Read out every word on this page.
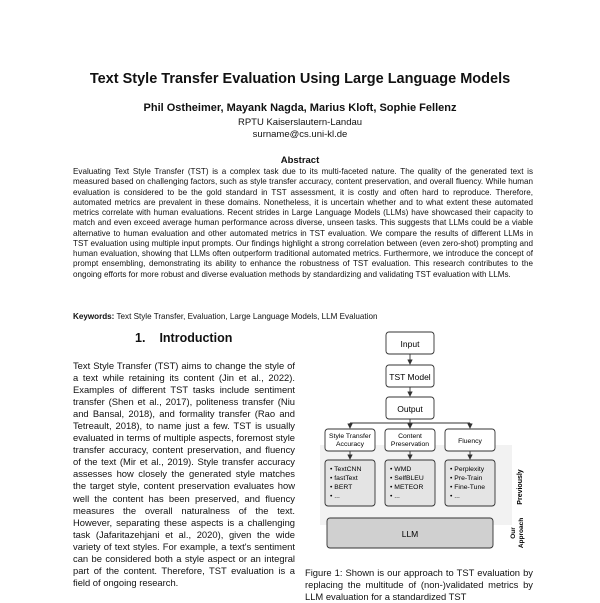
Text Style Transfer Evaluation Using Large Language Models
Phil Ostheimer, Mayank Nagda, Marius Kloft, Sophie Fellenz
RPTU Kaiserslautern-Landau
surname@cs.uni-kl.de
Abstract
Evaluating Text Style Transfer (TST) is a complex task due to its multi-faceted nature. The quality of the generated text is measured based on challenging factors, such as style transfer accuracy, content preservation, and overall fluency. While human evaluation is considered to be the gold standard in TST assessment, it is costly and often hard to reproduce. Therefore, automated metrics are prevalent in these domains. Nonetheless, it is uncertain whether and to what extent these automated metrics correlate with human evaluations. Recent strides in Large Language Models (LLMs) have showcased their capacity to match and even exceed average human performance across diverse, unseen tasks. This suggests that LLMs could be a viable alternative to human evaluation and other automated metrics in TST evaluation. We compare the results of different LLMs in TST evaluation using multiple input prompts. Our findings highlight a strong correlation between (even zero-shot) prompting and human evaluation, showing that LLMs often outperform traditional automated metrics. Furthermore, we introduce the concept of prompt ensembling, demonstrating its ability to enhance the robustness of TST evaluation. This research contributes to the ongoing efforts for more robust and diverse evaluation methods by standardizing and validating TST evaluation with LLMs.
Keywords: Text Style Transfer, Evaluation, Large Language Models, LLM Evaluation
1. Introduction
Text Style Transfer (TST) aims to change the style of a text while retaining its content (Jin et al., 2022). Examples of different TST tasks include sentiment transfer (Shen et al., 2017), politeness transfer (Niu and Bansal, 2018), and formality transfer (Rao and Tetreault, 2018), to name just a few. TST is usually evaluated in terms of multiple aspects, foremost style transfer accuracy, content preservation, and fluency of the text (Mir et al., 2019). Style transfer accuracy assesses how closely the generated style matches the target style, content preservation evaluates how well the content has been preserved, and fluency measures the overall naturalness of the text. However, separating these aspects is a challenging task (Jafaritazehjani et al., 2020), given the wide variety of text styles. For example, a text's sentiment can be considered both a style aspect or an integral part of the content. Therefore, TST evaluation is a field of ongoing research.
Input
TST Model
Output
Style Transfer
Accuracy
Content
Preservation	Fluency
• TextCNN
• fastText
• BERT
• ...
• WMD
• SelfBLEU
• METEOR
• ...
• Perplexity
• Pre-Train
• Fine-Tune
• ...
LLM
Previously
Our Approach
Figure 1: Shown is our approach to TST evaluation by replacing the multitude of (non-)validated metrics by LLM evaluation for a standardized TST
